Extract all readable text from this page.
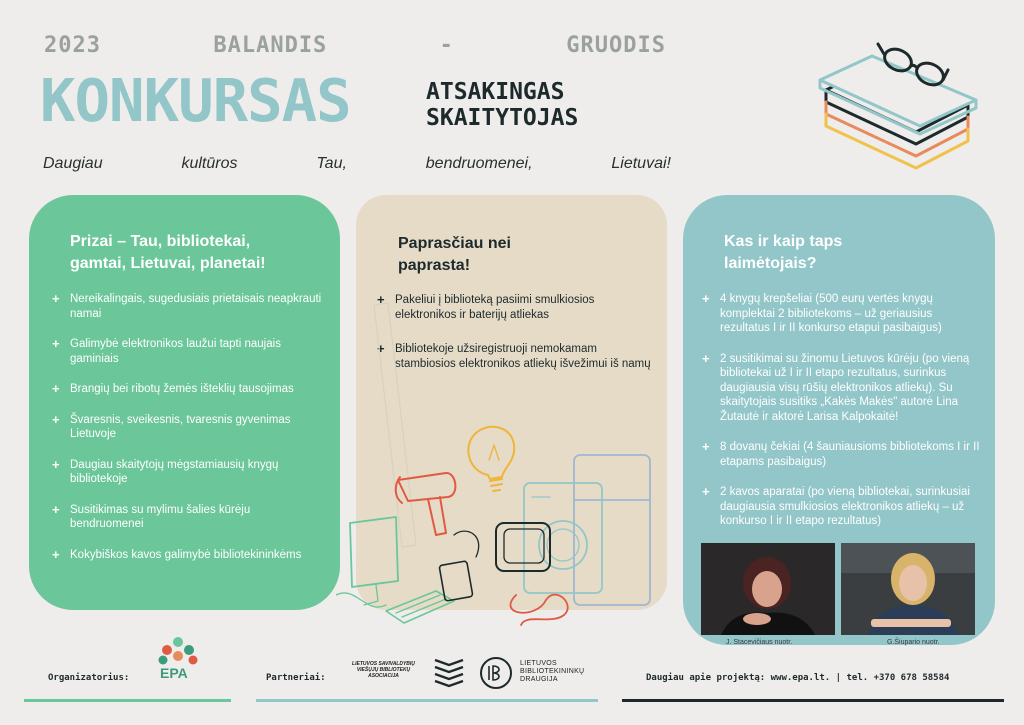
2023	BALANDIS	-	GRUODIS
KONKURSAS	ATSAKINGAS
SKAITYTOJAS
Daugiau	kultūros	Tau,	bendruomenei,	Lietuvai!
Prizai – Tau, bibliotekai,
gamtai, Lietuvai, planetai!
+ Nereikalingais, sugedusiais prietaisais neapkrauti namai
+ Galimybė elektronikos laužui tapti naujais gaminiais
+ Brangių bei ribotų žemės išteklių tausojimas
+ Švaresnis, sveikesnis, tvaresnis gyvenimas Lietuvoje
+ Daugiau skaitytojų mėgstamiausių knygų bibliotekoje
+ Susitikimas su mylimu šalies kūrėju bendruomenei
+ Kokybiškos kavos galimybė bibliotekininkėms
Paprasčiau nei
paprasta!
+ Pakeliui į biblioteką pasiimi smulkiosios elektronikos ir baterijų atliekas
+ Bibliotekoje užsiregistruoji nemokamam stambiosios elektronikos atliekų išvežimui iš namų
Kas ir kaip taps
laimėtojais?
+ 4 knygų krepšeliai (500 eurų vertės knygų komplektai 2 bibliotekoms – už geriausius rezultatus I ir II konkurso etapui pasibaigus)
+ 2 susitikimai su žinomu Lietuvos kūrėju (po vieną bibliotekai už I ir II etapo rezultatus, surinkus daugiausia visų rūšių elektronikos atliekų). Su skaitytojais susitiks „Kakės Makės" autorė Lina Žutautė ir aktorė Larisa Kalpokaitė!
+ 8 dovanų čekiai (4 šauniausioms bibliotekoms I ir II etapams pasibaigus)
+ 2 kavos aparatai (po vieną bibliotekai, surinkusiai daugiausia smulkiosios elektronikos atliekų – už konkurso I ir II etapo rezultatus)
J. Stacevičiaus nuotr.	G.Šiupario nuotr.
Organizatorius: EPA	Partneriai:
LIETUVOS SAVIVALDYBIŲ
VIEŠŲJŲ BIBLIOTEKŲ
ASOCIACIJA
LIETUVOS
BIBLIOTEKININKŲ
DRAUGIJA	Daugiau apie projektą: www.epa.lt. | tel. +370 678 58584
